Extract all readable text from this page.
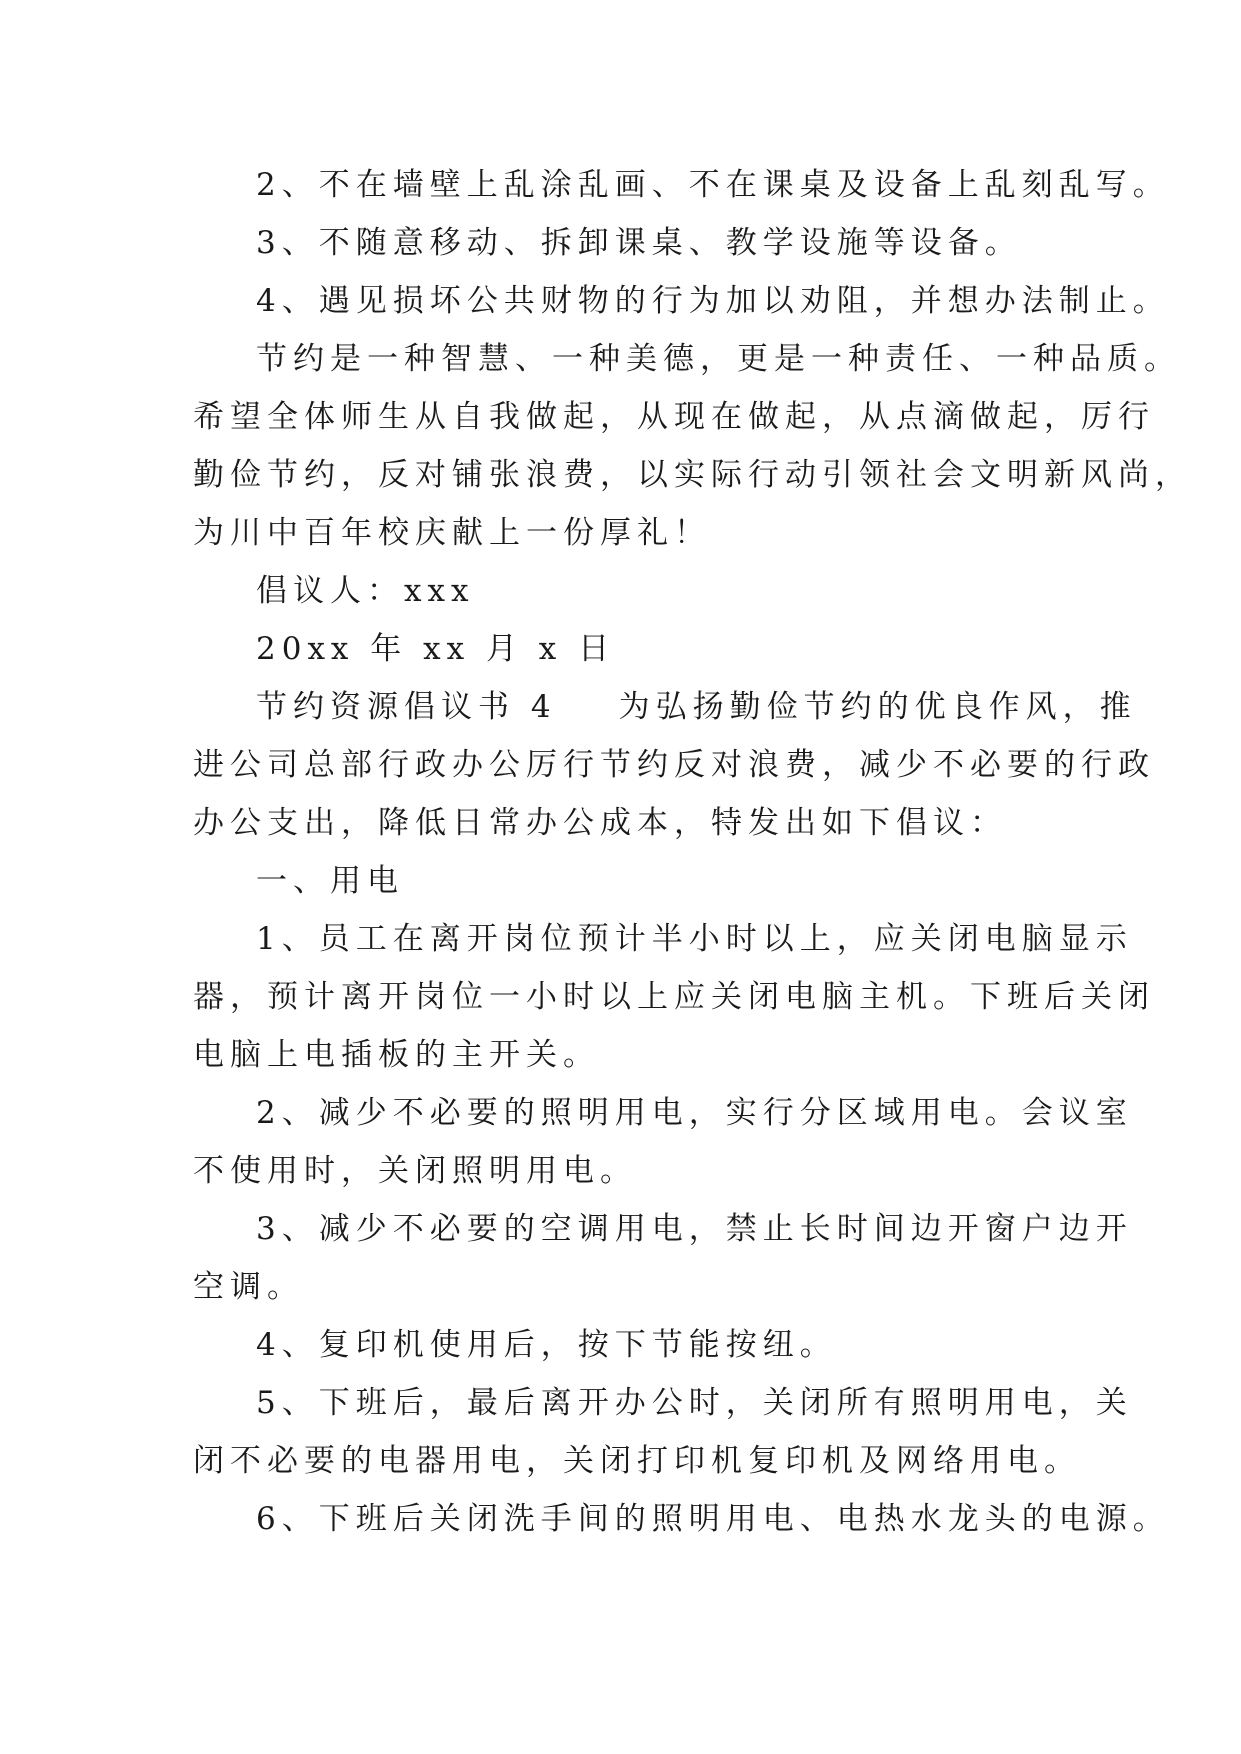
2、不在墙壁上乱涂乱画、不在课桌及设备上乱刻乱写。

3、不随意移动、拆卸课桌、教学设施等设备。

4、遇见损坏公共财物的行为加以劝阻，并想办法制止。

节约是一种智慧、一种美德，更是一种责任、一种品质。

希望全体师生从自我做起，从现在做起，从点滴做起，厉行

勤俭节约，反对铺张浪费，以实际行动引领社会文明新风尚，

为川中百年校庆献上一份厚礼！

倡议人：xxx

20xx 年 xx 月 x 日

节约资源倡议书 4 为弘扬勤俭节约的优良作风，推

进公司总部行政办公厉行节约反对浪费，减少不必要的行政

办公支出，降低日常办公成本，特发出如下倡议：

一、用电

1、员工在离开岗位预计半小时以上，应关闭电脑显示

器，预计离开岗位一小时以上应关闭电脑主机。下班后关闭

电脑上电插板的主开关。

2、减少不必要的照明用电，实行分区域用电。会议室

不使用时，关闭照明用电。

3、减少不必要的空调用电，禁止长时间边开窗户边开

空调。

4、复印机使用后，按下节能按纽。

5、下班后，最后离开办公时，关闭所有照明用电，关

闭不必要的电器用电，关闭打印机复印机及网络用电。

6、下班后关闭洗手间的照明用电、电热水龙头的电源。
